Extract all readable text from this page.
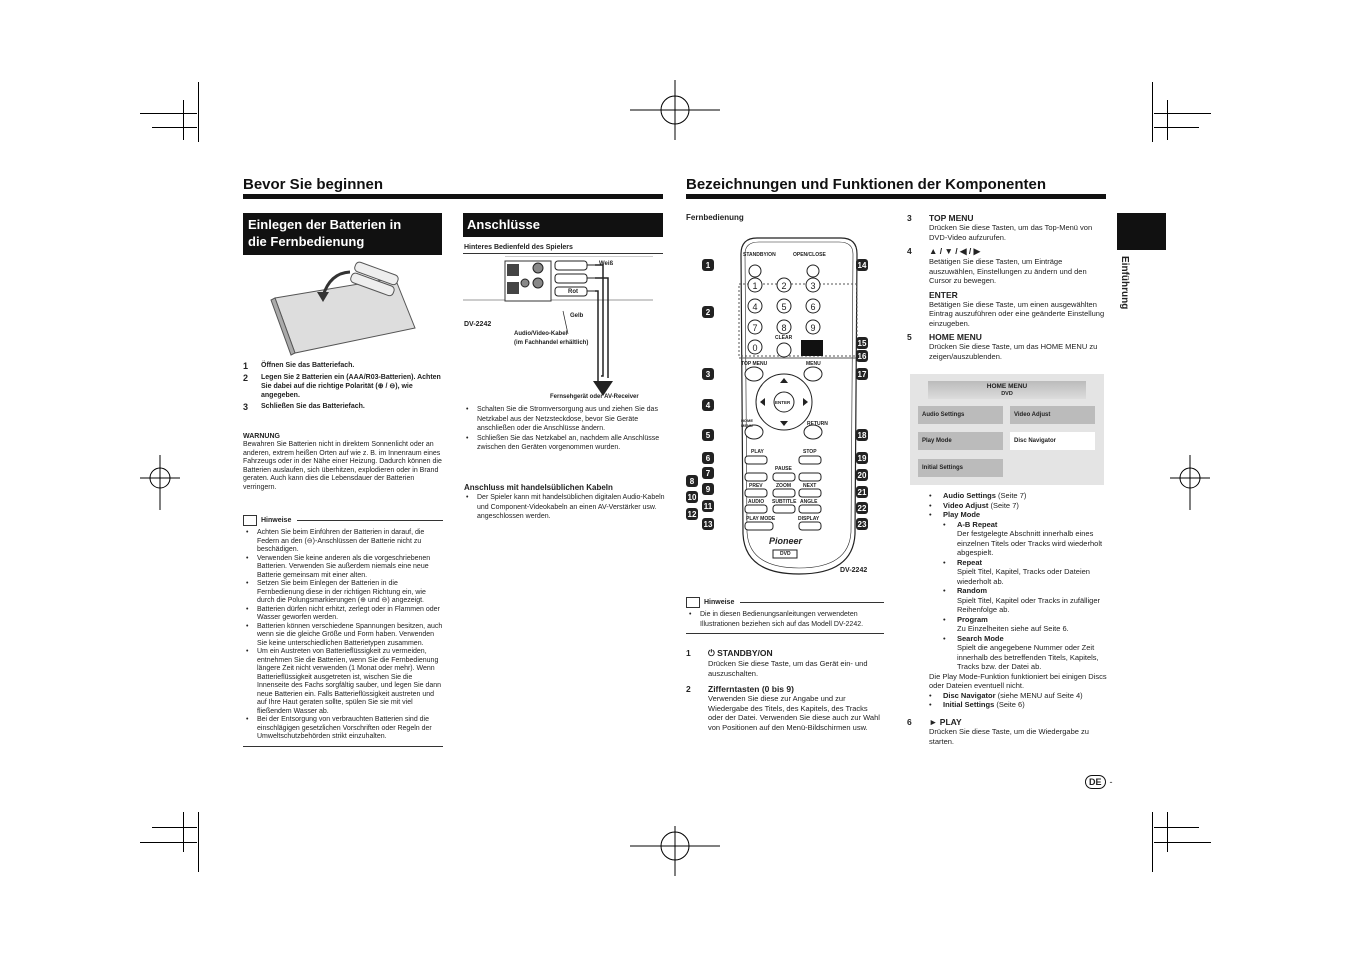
Bevor Sie beginnen
Einlegen der Batterien in
die Fernbedienung
1	Öffnen Sie das Batteriefach.
2	Legen Sie 2 Batterien ein (AAA/R03-Batterien). Achten Sie dabei auf die richtige Polarität (⊕ / ⊖), wie angegeben.
3	Schließen Sie das Batteriefach.
WARNUNG
Bewahren Sie Batterien nicht in direktem Sonnenlicht oder an anderen, extrem heißen Orten auf wie z. B. im Innenraum eines Fahrzeugs oder in der Nähe einer Heizung. Dadurch können die Batterien auslaufen, sich überhitzen, explodieren oder in Brand geraten. Auch kann dies die Lebensdauer der Batterien verringern.
Hinweise
• Achten Sie beim Einführen der Batterien in darauf, die Federn an den (⊖)-Anschlüssen der Batterie nicht zu beschädigen.
• Verwenden Sie keine anderen als die vorgeschriebenen Batterien. Verwenden Sie außerdem niemals eine neue Batterie gemeinsam mit einer alten.
• Setzen Sie beim Einlegen der Batterien in die Fernbedienung diese in der richtigen Richtung ein, wie durch die Polungsmarkierungen (⊕ und ⊖) angezeigt.
• Batterien dürfen nicht erhitzt, zerlegt oder in Flammen oder Wasser geworfen werden.
• Batterien können verschiedene Spannungen besitzen, auch wenn sie die gleiche Größe und Form haben. Verwenden Sie keine unterschiedlichen Batterietypen zusammen.
• Um ein Austreten von Batterieflüssigkeit zu vermeiden, entnehmen Sie die Batterien, wenn Sie die Fernbedienung längere Zeit nicht verwenden (1 Monat oder mehr). Wenn Batterieflüssigkeit ausgetreten ist, wischen Sie die Innenseite des Fachs sorgfältig sauber, und legen Sie dann neue Batterien ein. Falls Batterieflüssigkeit austreten und auf Ihre Haut geraten sollte, spülen Sie sie mit viel fließendem Wasser ab.
• Bei der Entsorgung von verbrauchten Batterien sind die einschlägigen gesetzlichen Vorschriften oder Regeln der Umweltschutzbehörden strikt einzuhalten.
Anschlüsse
Hinteres Bedienfeld des Spielers
Weiß
Rot
Gelb
DV-2242
Audio/Video-Kabel
(im Fachhandel erhältlich)
Fernsehgerät oder AV-Receiver
• Schalten Sie die Stromversorgung aus und ziehen Sie das Netzkabel aus der Netzsteckdose, bevor Sie Geräte anschließen oder die Anschlüsse ändern.
• Schließen Sie das Netzkabel an, nachdem alle Anschlüsse zwischen den Geräten vorgenommen wurden.
Anschluss mit handelsüblichen Kabeln
• Der Spieler kann mit handelsüblichen digitalen Audio-Kabeln und Component-Videokabeln an einen AV-Verstärker usw. angeschlossen werden.
Bezeichnungen und Funktionen der Komponenten
Einführung
Fernbedienung
1	2	3
4	5	6
7	8	9
0
STANDBY/ON	OPEN/CLOSE
CLEAR DVD/USB
TOP MENU	MENU
ENTER
HOME MENU	RETURN
PLAY	STOP
PAUSE
PREV	ZOOM NEXT
AUDIO SUBTITLE ANGLE
PLAY MODE	DISPLAY
Pioneer
DVD
1
2
3
4
5
6
7
8
9
10
11
12
13
14
15
16
17
18
19
20
21
22
23
DV-2242
Hinweise
• Die in diesen Bedienungsanleitungen verwendeten Illustrationen beziehen sich auf das Modell DV-2242.
1	⏻ STANDBY/ON
Drücken Sie diese Taste, um das Gerät ein- und auszuschalten.
2	Zifferntasten (0 bis 9)
Verwenden Sie diese zur Angabe und zur Wiedergabe des Titels, des Kapitels, des Tracks oder der Datei. Verwenden Sie diese auch zur Wahl von Positionen auf den Menü-Bildschirmen usw.
3	TOP MENU
Drücken Sie diese Tasten, um das Top-Menü von DVD-Video aufzurufen.
4	▲ / ▼ / ◀ / ▶
Betätigen Sie diese Tasten, um Einträge auszuwählen, Einstellungen zu ändern und den Cursor zu bewegen.
ENTER
Betätigen Sie diese Taste, um einen ausgewählten Eintrag auszuführen oder eine geänderte Einstellung einzugeben.
5	HOME MENU
Drücken Sie diese Taste, um das HOME MENU zu zeigen/auszublenden.
HOME MENU
DVD
Audio Settings	Video Adjust
Play Mode	Disc Navigator
Initial Settings
• Audio Settings (Seite 7)
• Video Adjust (Seite 7)
• Play Mode
• A-B Repeat
Der festgelegte Abschnitt innerhalb eines einzelnen Titels oder Tracks wird wiederholt abgespielt.
• Repeat
Spielt Titel, Kapitel, Tracks oder Dateien wiederholt ab.
• Random
Spielt Titel, Kapitel oder Tracks in zufälliger Reihenfolge ab.
• Program
Zu Einzelheiten siehe auf Seite 6.
• Search Mode
Spielt die angegebene Nummer oder Zeit innerhalb des betreffenden Titels, Kapitels, Tracks bzw. der Datei ab.
Die Play Mode-Funktion funktioniert bei einigen Discs oder Dateien eventuell nicht.
• Disc Navigator (siehe MENU auf Seite 4)
• Initial Settings (Seite 6)
6	► PLAY
Drücken Sie diese Taste, um die Wiedergabe zu starten.
DE -
